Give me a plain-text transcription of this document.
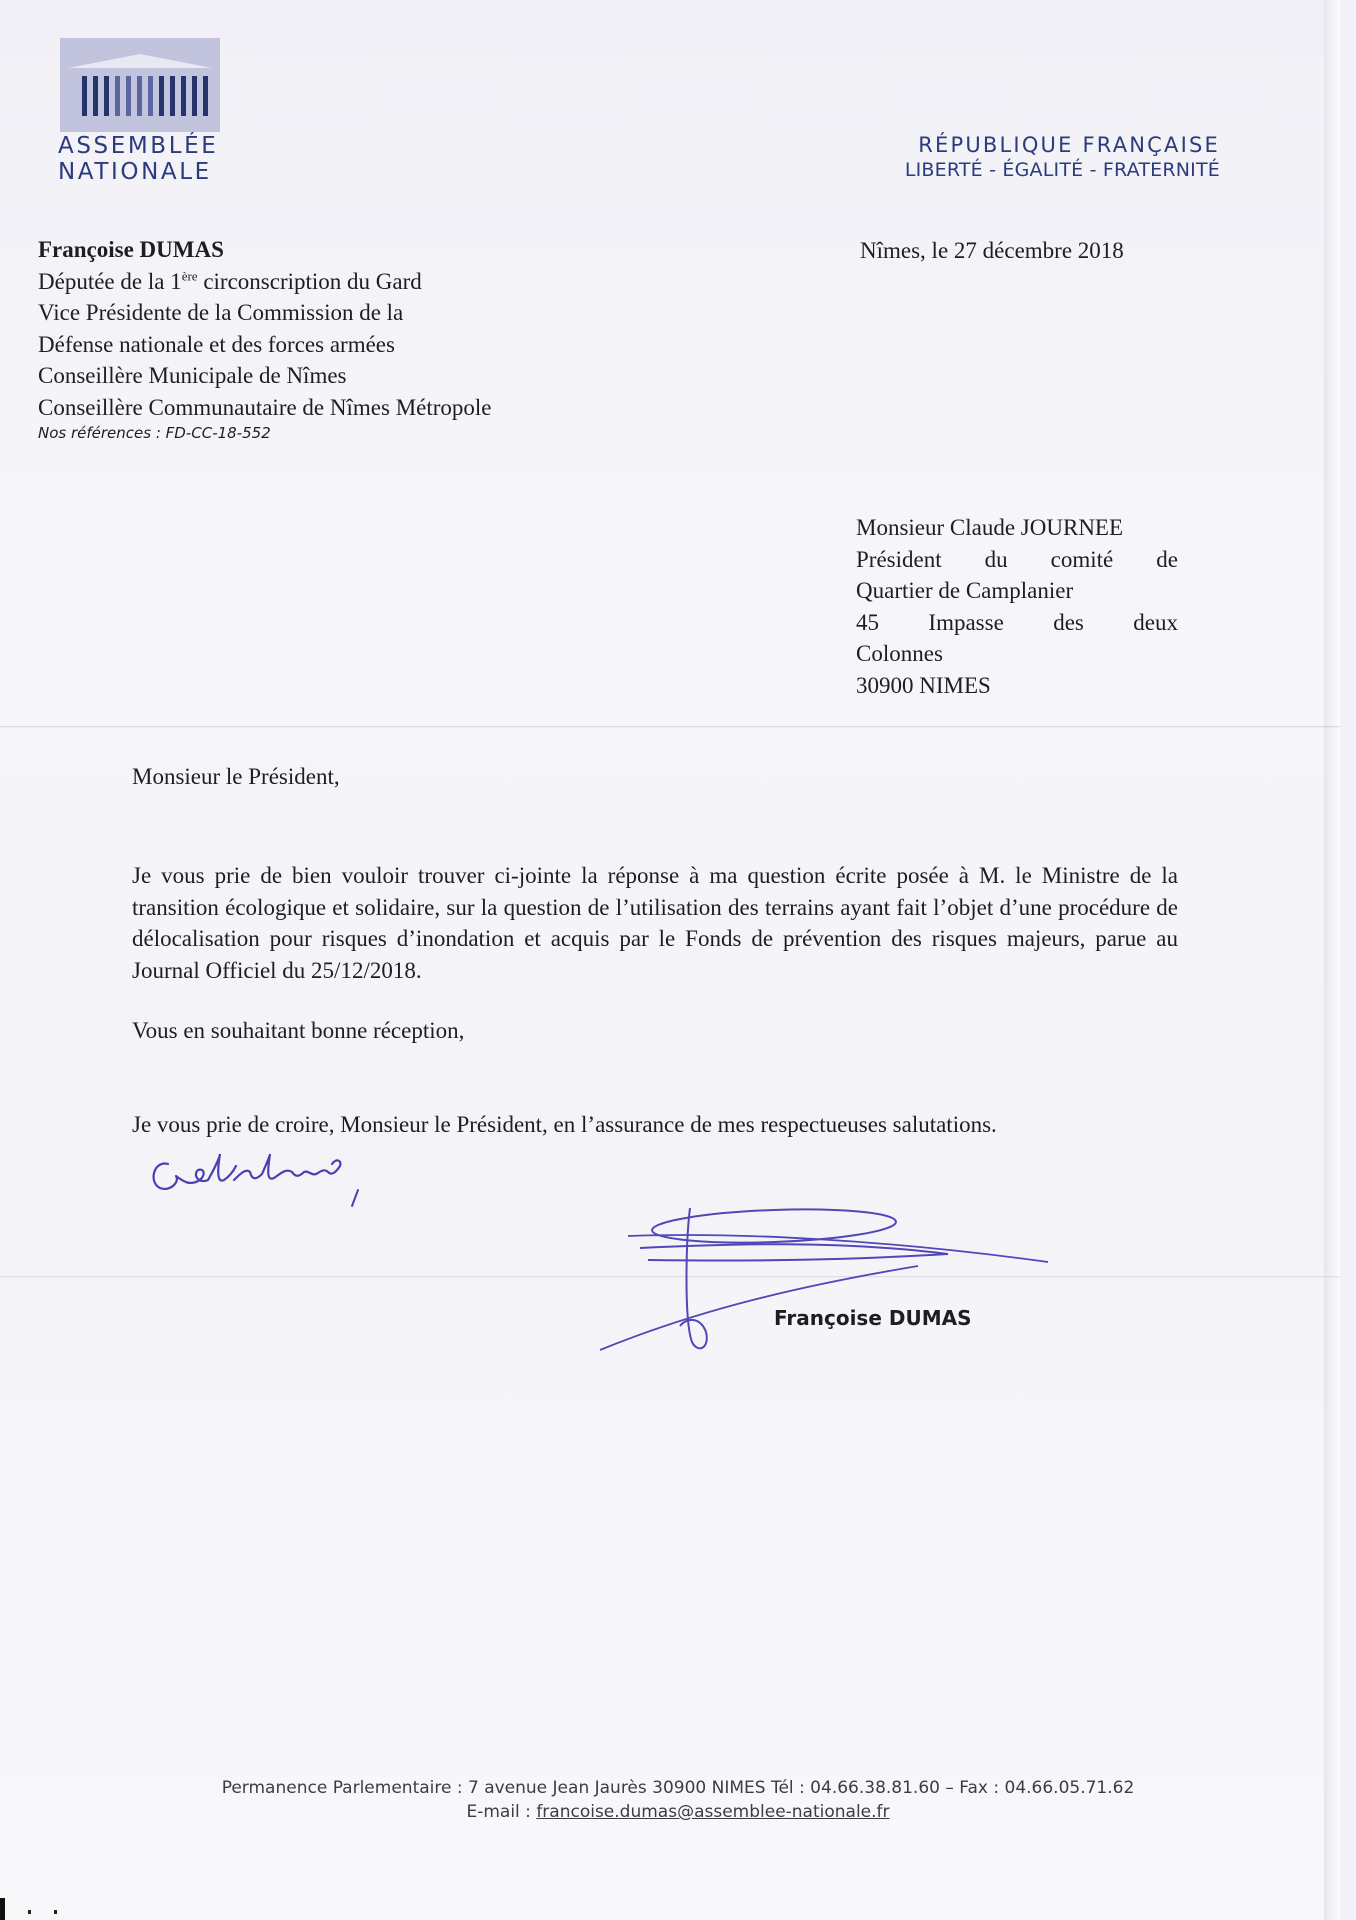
ASSEMBLÉE
NATIONALE
RÉPUBLIQUE FRANÇAISE
LIBERTÉ - ÉGALITÉ - FRATERNITÉ
Françoise DUMAS
Députée de la 1ère circonscription du Gard
Vice Présidente de la Commission de la
Défense nationale et des forces armées
Conseillère Municipale de Nîmes
Conseillère Communautaire de Nîmes Métropole
Nos références : FD-CC-18-552
Nîmes, le 27 décembre 2018
Monsieur Claude JOURNEE
Président du comité de
Quartier de Camplanier
45 Impasse des deux
Colonnes
30900 NIMES
Monsieur le Président,
Je vous prie de bien vouloir trouver ci-jointe la réponse à ma question écrite posée à M. le Ministre de la transition écologique et solidaire, sur la question de l’utilisation des terrains ayant fait l’objet d’une procédure de délocalisation pour risques d’inondation et acquis par le Fonds de prévention des risques majeurs, parue au Journal Officiel du 25/12/2018.
Vous en souhaitant bonne réception,
Je vous prie de croire, Monsieur le Président, en l’assurance de mes respectueuses salutations.
Françoise DUMAS
Permanence Parlementaire : 7 avenue Jean Jaurès 30900 NIMES Tél : 04.66.38.81.60 – Fax : 04.66.05.71.62
E-mail : francoise.dumas@assemblee-nationale.fr
